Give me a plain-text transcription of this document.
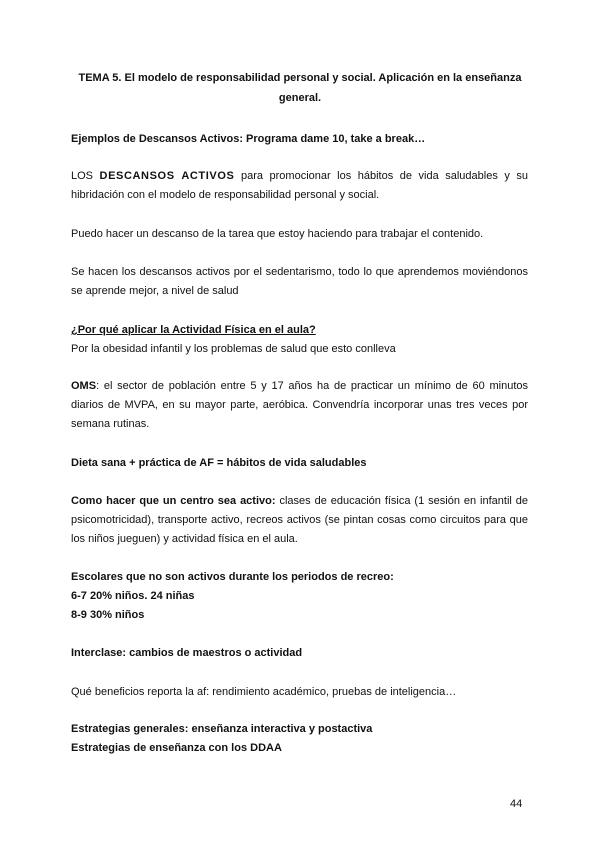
TEMA 5. El modelo de responsabilidad personal y social. Aplicación en la enseñanza general.

Ejemplos de Descansos Activos: Programa dame 10, take a break…

LOS DESCANSOS ACTIVOS para promocionar los hábitos de vida saludables y su hibridación con el modelo de responsabilidad personal y social.

Puedo hacer un descanso de la tarea que estoy haciendo para trabajar el contenido.

Se hacen los descansos activos por el sedentarismo, todo lo que aprendemos moviéndonos se aprende mejor, a nivel de salud

¿Por qué aplicar la Actividad Física en el aula?

Por la obesidad infantil y los problemas de salud que esto conlleva

OMS: el sector de población entre 5 y 17 años ha de practicar un mínimo de 60 minutos diarios de MVPA, en su mayor parte, aeróbica. Convendría incorporar unas tres veces por semana rutinas.

Dieta sana + práctica de AF = hábitos de vida saludables

Como hacer que un centro sea activo: clases de educación física (1 sesión en infantil de psicomotricidad), transporte activo, recreos activos (se pintan cosas como circuitos para que los niños jueguen) y actividad física en el aula.

Escolares que no son activos durante los periodos de recreo:

6-7 20% niños. 24 niñas

8-9 30% niños

Interclase: cambios de maestros o actividad

Qué beneficios reporta la af: rendimiento académico, pruebas de inteligencia…

Estrategias generales: enseñanza interactiva y postactiva

Estrategias de enseñanza con los DDAA

44
